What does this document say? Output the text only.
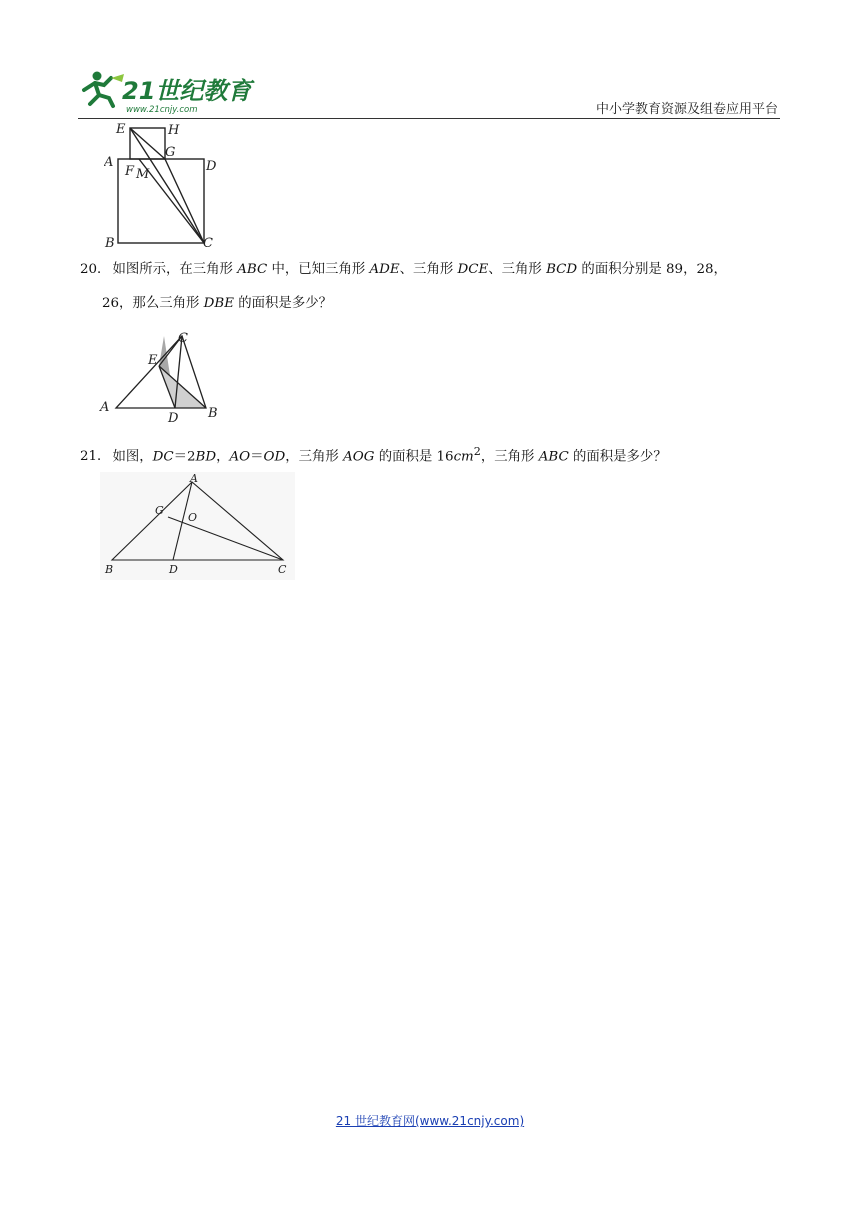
21世纪教育
www.21cnjy.com	中小学教育资源及组卷应用平台
E	H
A
F M
G
D
B	C
20． 如图所示，在三角形 ABC 中，已知三角形 ADE、三角形 DCE、三角形 BCD 的面积分别是 89，28，
26，那么三角形 DBE 的面积是多少？
A	B
C
D
E
21． 如图，DC＝2BD，AO＝OD，三角形 AOG 的面积是 $16cm^2$，三角形 ABC 的面积是多少？
A
G
O
B	D	C
21 世纪教育网(www.21cnjy.com)
